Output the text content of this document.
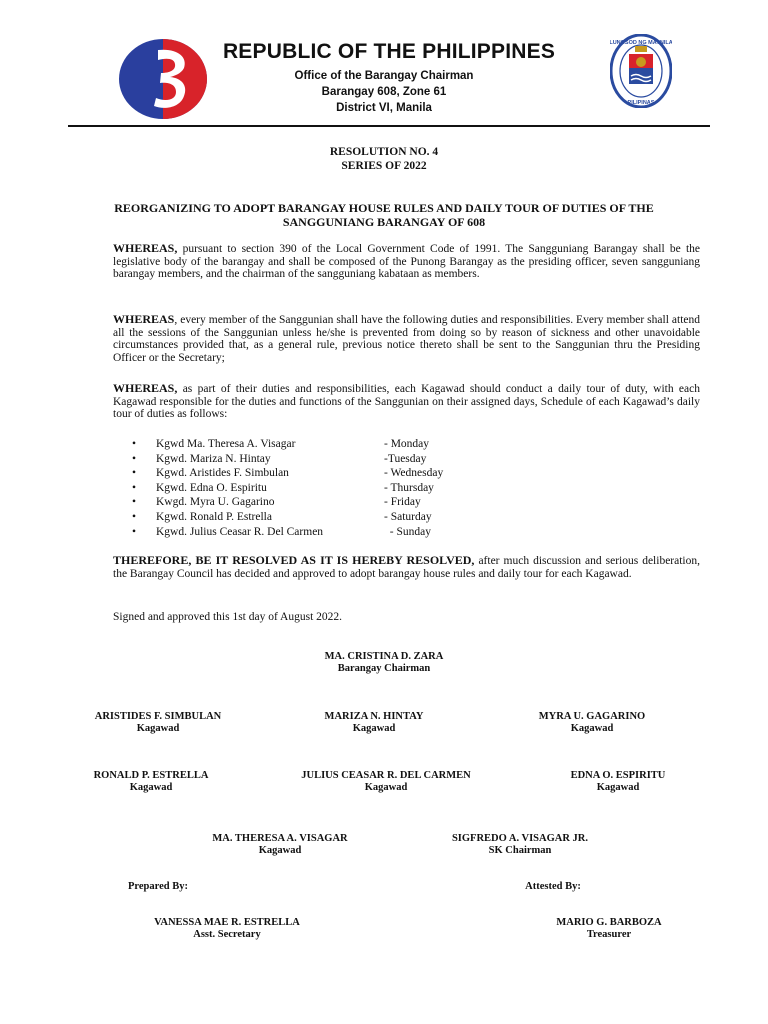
LUNGSOD NG MAYNILA
PILIPINAS
REPUBLIC OF THE PHILIPPINES
Office of the Barangay Chairman
Barangay 608, Zone 61
District VI, Manila
RESOLUTION NO. 4
SERIES OF 2022
REORGANIZING TO ADOPT BARANGAY HOUSE RULES AND DAILY TOUR OF DUTIES OF THE
SANGGUNIANG BARANGAY OF 608
WHEREAS, pursuant to section 390 of the Local Government Code of 1991. The Sangguniang Barangay shall be the legislative body of the barangay and shall be composed of the Punong Barangay as the presiding officer, seven sangguniang barangay members, and the chairman of the sangguniang kabataan as members.
WHEREAS, every member of the Sanggunian shall have the following duties and responsibilities. Every member shall attend all the sessions of the Sanggunian unless he/she is prevented from doing so by reason of sickness and other unavoidable circumstances provided that, as a general rule, previous notice thereto shall be sent to the Sanggunian thru the Presiding Officer or the Secretary;
WHEREAS, as part of their duties and responsibilities, each Kagawad should conduct a daily tour of duty, with each Kagawad responsible for the duties and functions of the Sanggunian on their assigned days, Schedule of each Kagawad’s daily tour of duties as follows:
•	Kgwd Ma. Theresa A. Visagar	- Monday
•	Kgwd. Mariza N. Hintay	-Tuesday
•	Kgwd. Aristides F. Simbulan	- Wednesday
•	Kgwd. Edna O. Espiritu	- Thursday
•	Kwgd. Myra U. Gagarino	- Friday
•	Kgwd. Ronald P. Estrella	- Saturday
•	Kgwd. Julius Ceasar R. Del Carmen	- Sunday
THEREFORE, BE IT RESOLVED AS IT IS HEREBY RESOLVED, after much discussion and serious deliberation, the Barangay Council has decided and approved to adopt barangay house rules and daily tour for each Kagawad.
Signed and approved this 1st day of August 2022.
MA. CRISTINA D. ZARA
Barangay Chairman
ARISTIDES F. SIMBULAN
Kagawad
MARIZA N. HINTAY
Kagawad
MYRA U. GAGARINO
Kagawad
RONALD P. ESTRELLA
Kagawad
JULIUS CEASAR R. DEL CARMEN
Kagawad
EDNA O. ESPIRITU
Kagawad
MA. THERESA A. VISAGAR
Kagawad
SIGFREDO A. VISAGAR JR.
SK Chairman
Prepared By:	Attested By:
VANESSA MAE R. ESTRELLA
Asst. Secretary
MARIO G. BARBOZA
Treasurer
